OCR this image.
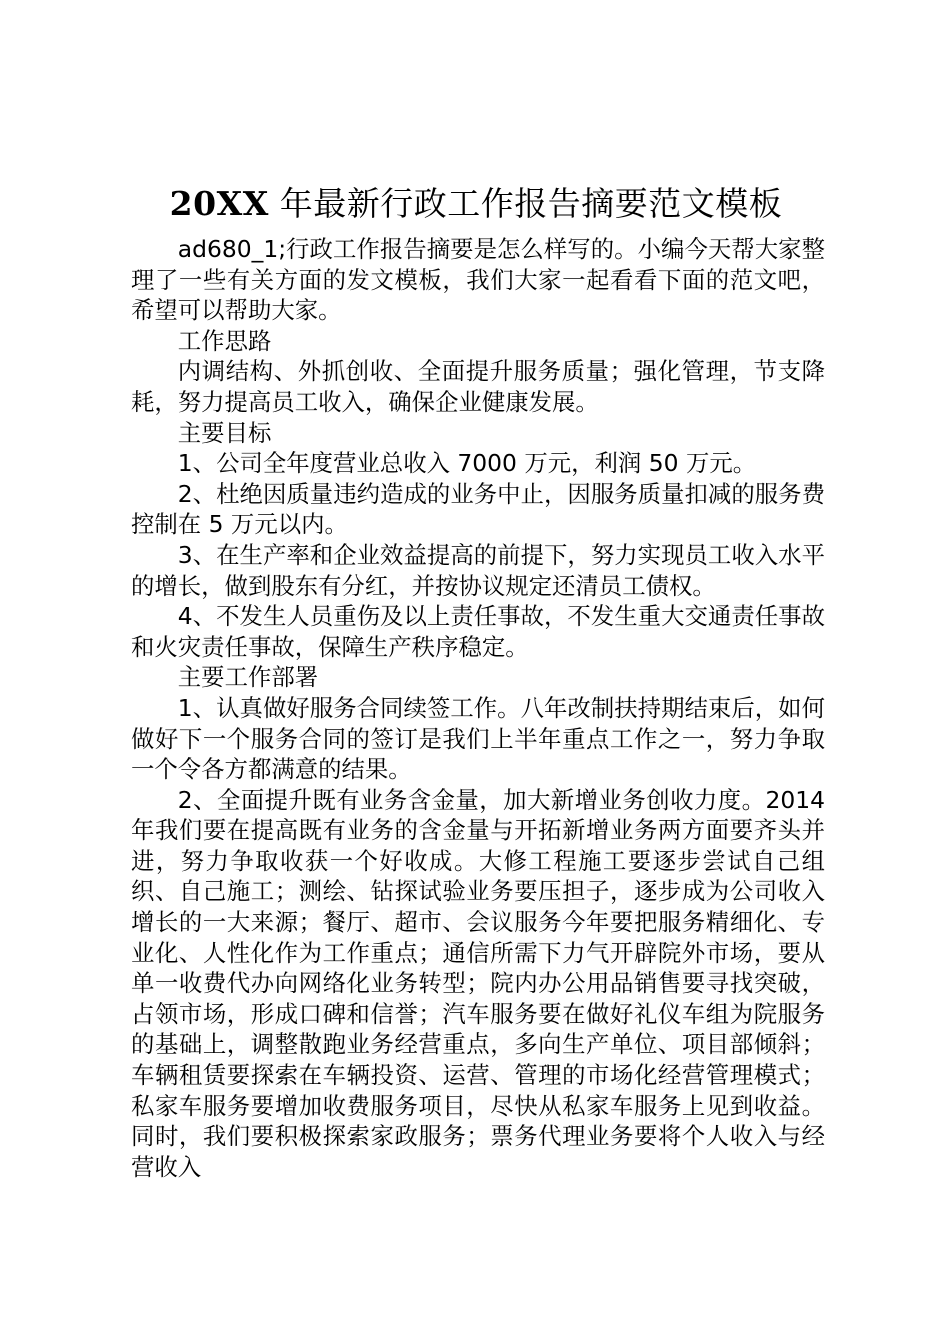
20XX 年最新行政工作报告摘要范文模板

ad680_1;行政工作报告摘要是怎么样写的。小编今天帮大家整理了一些有关方面的发文模板，我们大家一起看看下面的范文吧，希望可以帮助大家。

工作思路

内调结构、外抓创收、全面提升服务质量；强化管理，节支降耗，努力提高员工收入，确保企业健康发展。

主要目标

1、公司全年度营业总收入 7000 万元，利润 50 万元。

2、杜绝因质量违约造成的业务中止，因服务质量扣减的服务费控制在 5 万元以内。

3、在生产率和企业效益提高的前提下，努力实现员工收入水平的增长，做到股东有分红，并按协议规定还清员工债权。

4、不发生人员重伤及以上责任事故，不发生重大交通责任事故和火灾责任事故，保障生产秩序稳定。

主要工作部署

1、认真做好服务合同续签工作。八年改制扶持期结束后，如何做好下一个服务合同的签订是我们上半年重点工作之一，努力争取一个令各方都满意的结果。

2、全面提升既有业务含金量，加大新增业务创收力度。2014 年我们要在提高既有业务的含金量与开拓新增业务两方面要齐头并进，努力争取收获一个好收成。大修工程施工要逐步尝试自己组织、自己施工；测绘、钻探试验业务要压担子，逐步成为公司收入增长的一大来源；餐厅、超市、会议服务今年要把服务精细化、专业化、人性化作为工作重点；通信所需下力气开辟院外市场，要从单一收费代办向网络化业务转型；院内办公用品销售要寻找突破，占领市场，形成口碑和信誉；汽车服务要在做好礼仪车组为院服务的基础上，调整散跑业务经营重点，多向生产单位、项目部倾斜；车辆租赁要探索在车辆投资、运营、管理的市场化经营管理模式；私家车服务要增加收费服务项目，尽快从私家车服务上见到收益。同时，我们要积极探索家政服务；票务代理业务要将个人收入与经营收入
